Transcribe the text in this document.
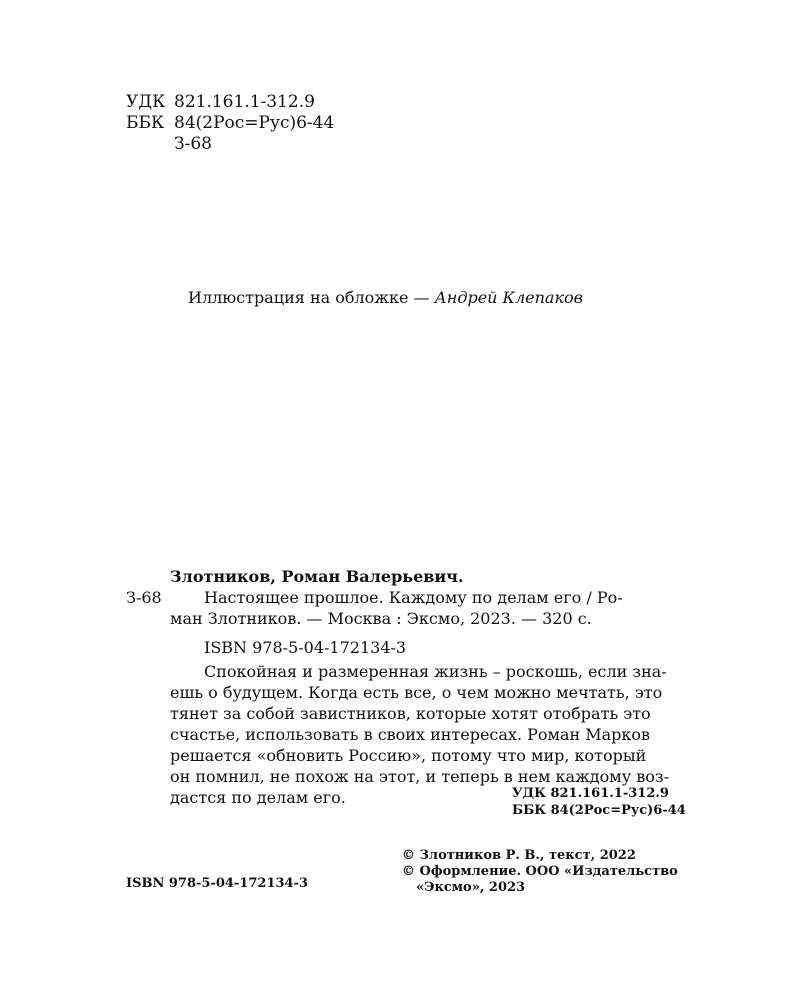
УДК 821.161.1-312.9
ББК 84(2Рос=Рус)6-44
З-68
Иллюстрация на обложке — Андрей Клепаков
Злотников, Роман Валерьевич.
З-68	Настоящее прошлое. Каждому по делам его / Ро-
ман Злотников. — Москва : Эксмо, 2023. — 320 с.
ISBN 978-5-04-172134-3
Спокойная и размеренная жизнь – роскошь, если зна-
ешь о будущем. Когда есть все, о чем можно мечтать, это
тянет за собой завистников, которые хотят отобрать это
счастье, использовать в своих интересах. Роман Марков
решается «обновить Россию», потому что мир, который
он помнил, не похож на этот, и теперь в нем каждому воз-
дастся по делам его.	УДК 821.161.1-312.9
ББК 84(2Рос=Рус)6-44
© Злотников Р. В., текст, 2022
© Оформление. ООО «Издательство
«Эксмо», 2023
ISBN 978-5-04-172134-3
